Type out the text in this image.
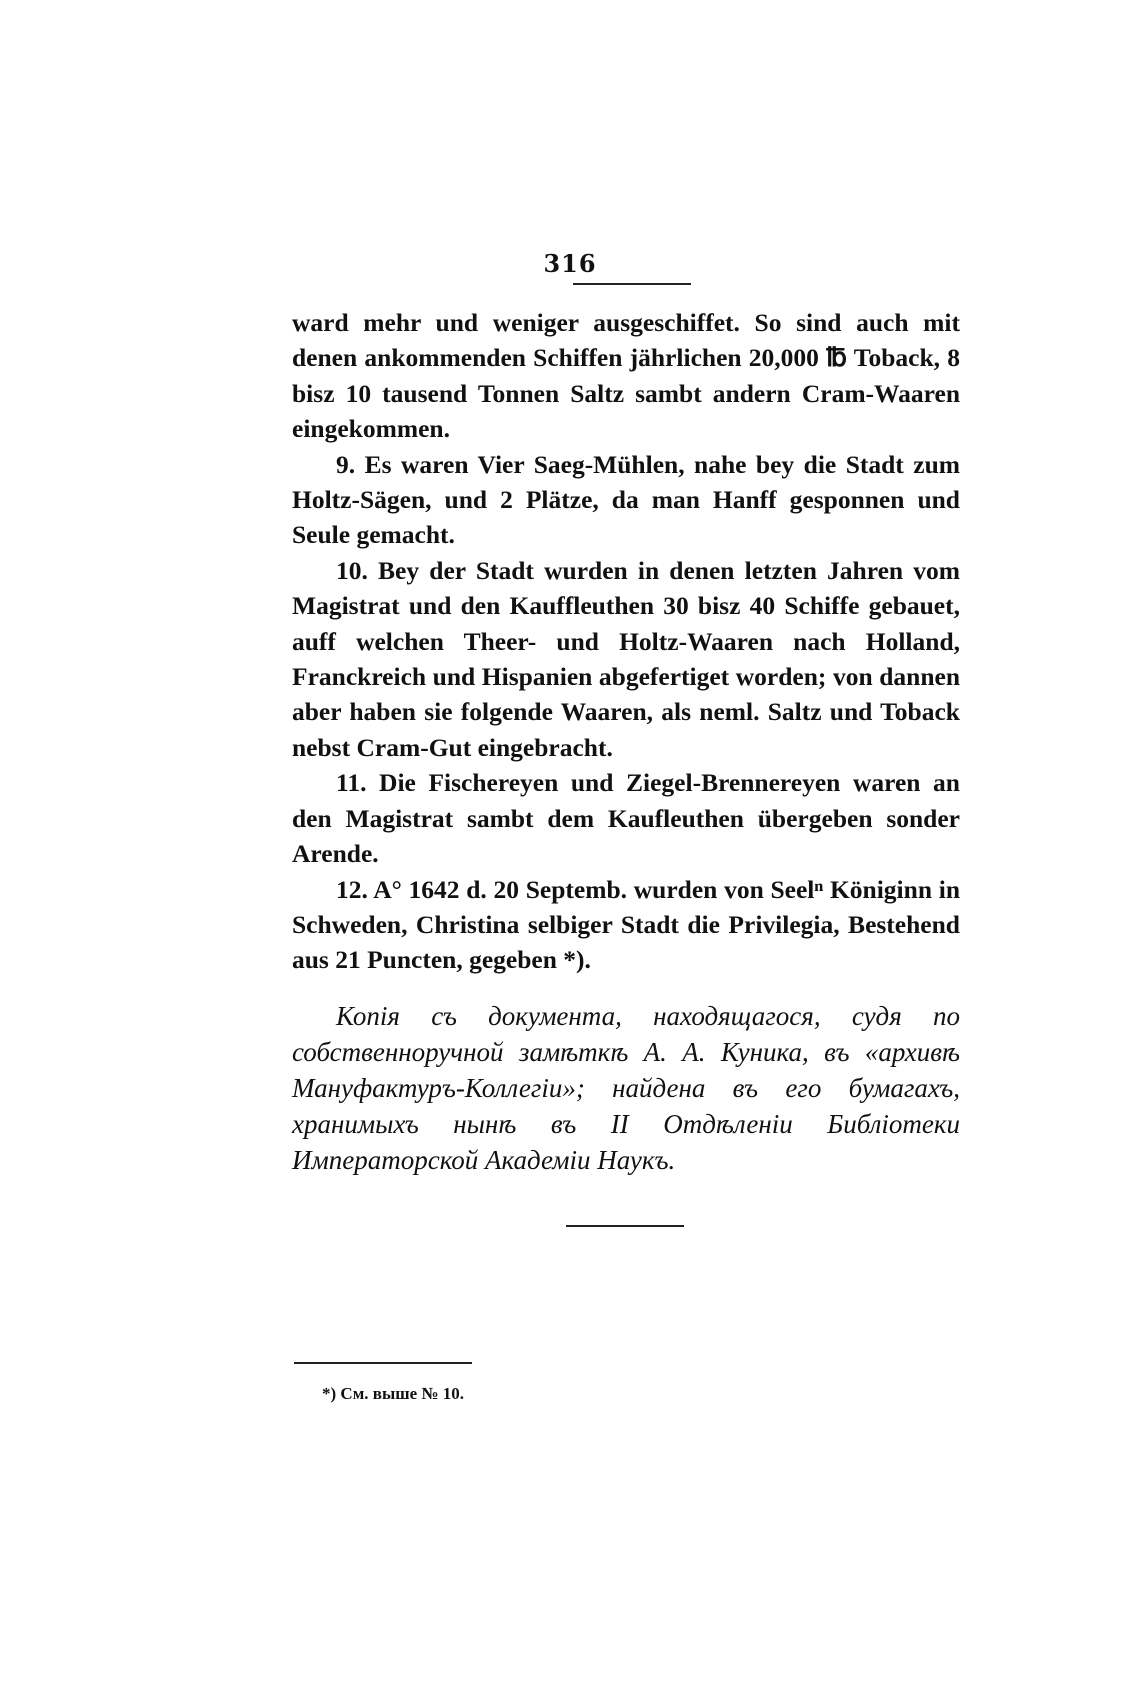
316

ward mehr und weniger ausgeschiffet. So sind auch mit denen ankommenden Schiffen jährlichen 20,000 ℔ Toback, 8 bisz 10 tausend Tonnen Saltz sambt andern Cram-Waaren eingekommen.

9. Es waren Vier Saeg-Mühlen, nahe bey die Stadt zum Holtz-Sägen, und 2 Plätze, da man Hanff gesponnen und Seule gemacht.

10. Bey der Stadt wurden in denen letzten Jahren vom Magistrat und den Kauffleuthen 30 bisz 40 Schiffe gebauet, auff welchen Theer- und Holtz-Waaren nach Holland, Franckreich und Hispanien abgefertiget worden; von dannen aber haben sie folgende Waaren, als neml. Saltz und Toback nebst Cram-Gut eingebracht.

11. Die Fischereyen und Ziegel-Brennereyen waren an den Magistrat sambt dem Kaufleuthen übergeben sonder Arende.

12. A° 1642 d. 20 Septemb. wurden von Seelⁿ Königinn in Schweden, Christina selbiger Stadt die Privilegia, Bestehend aus 21 Puncten, gegeben *).

Копія съ документа, находящагося, судя по собственноручной замѣткѣ А. А. Куника, въ «архивѣ Мануфактуръ-Коллегіи»; найдена въ его бумагахъ, хранимыхъ нынѣ въ II Отдѣленіи Библіотеки Императорской Академіи Наукъ.

*) См. выше № 10.
